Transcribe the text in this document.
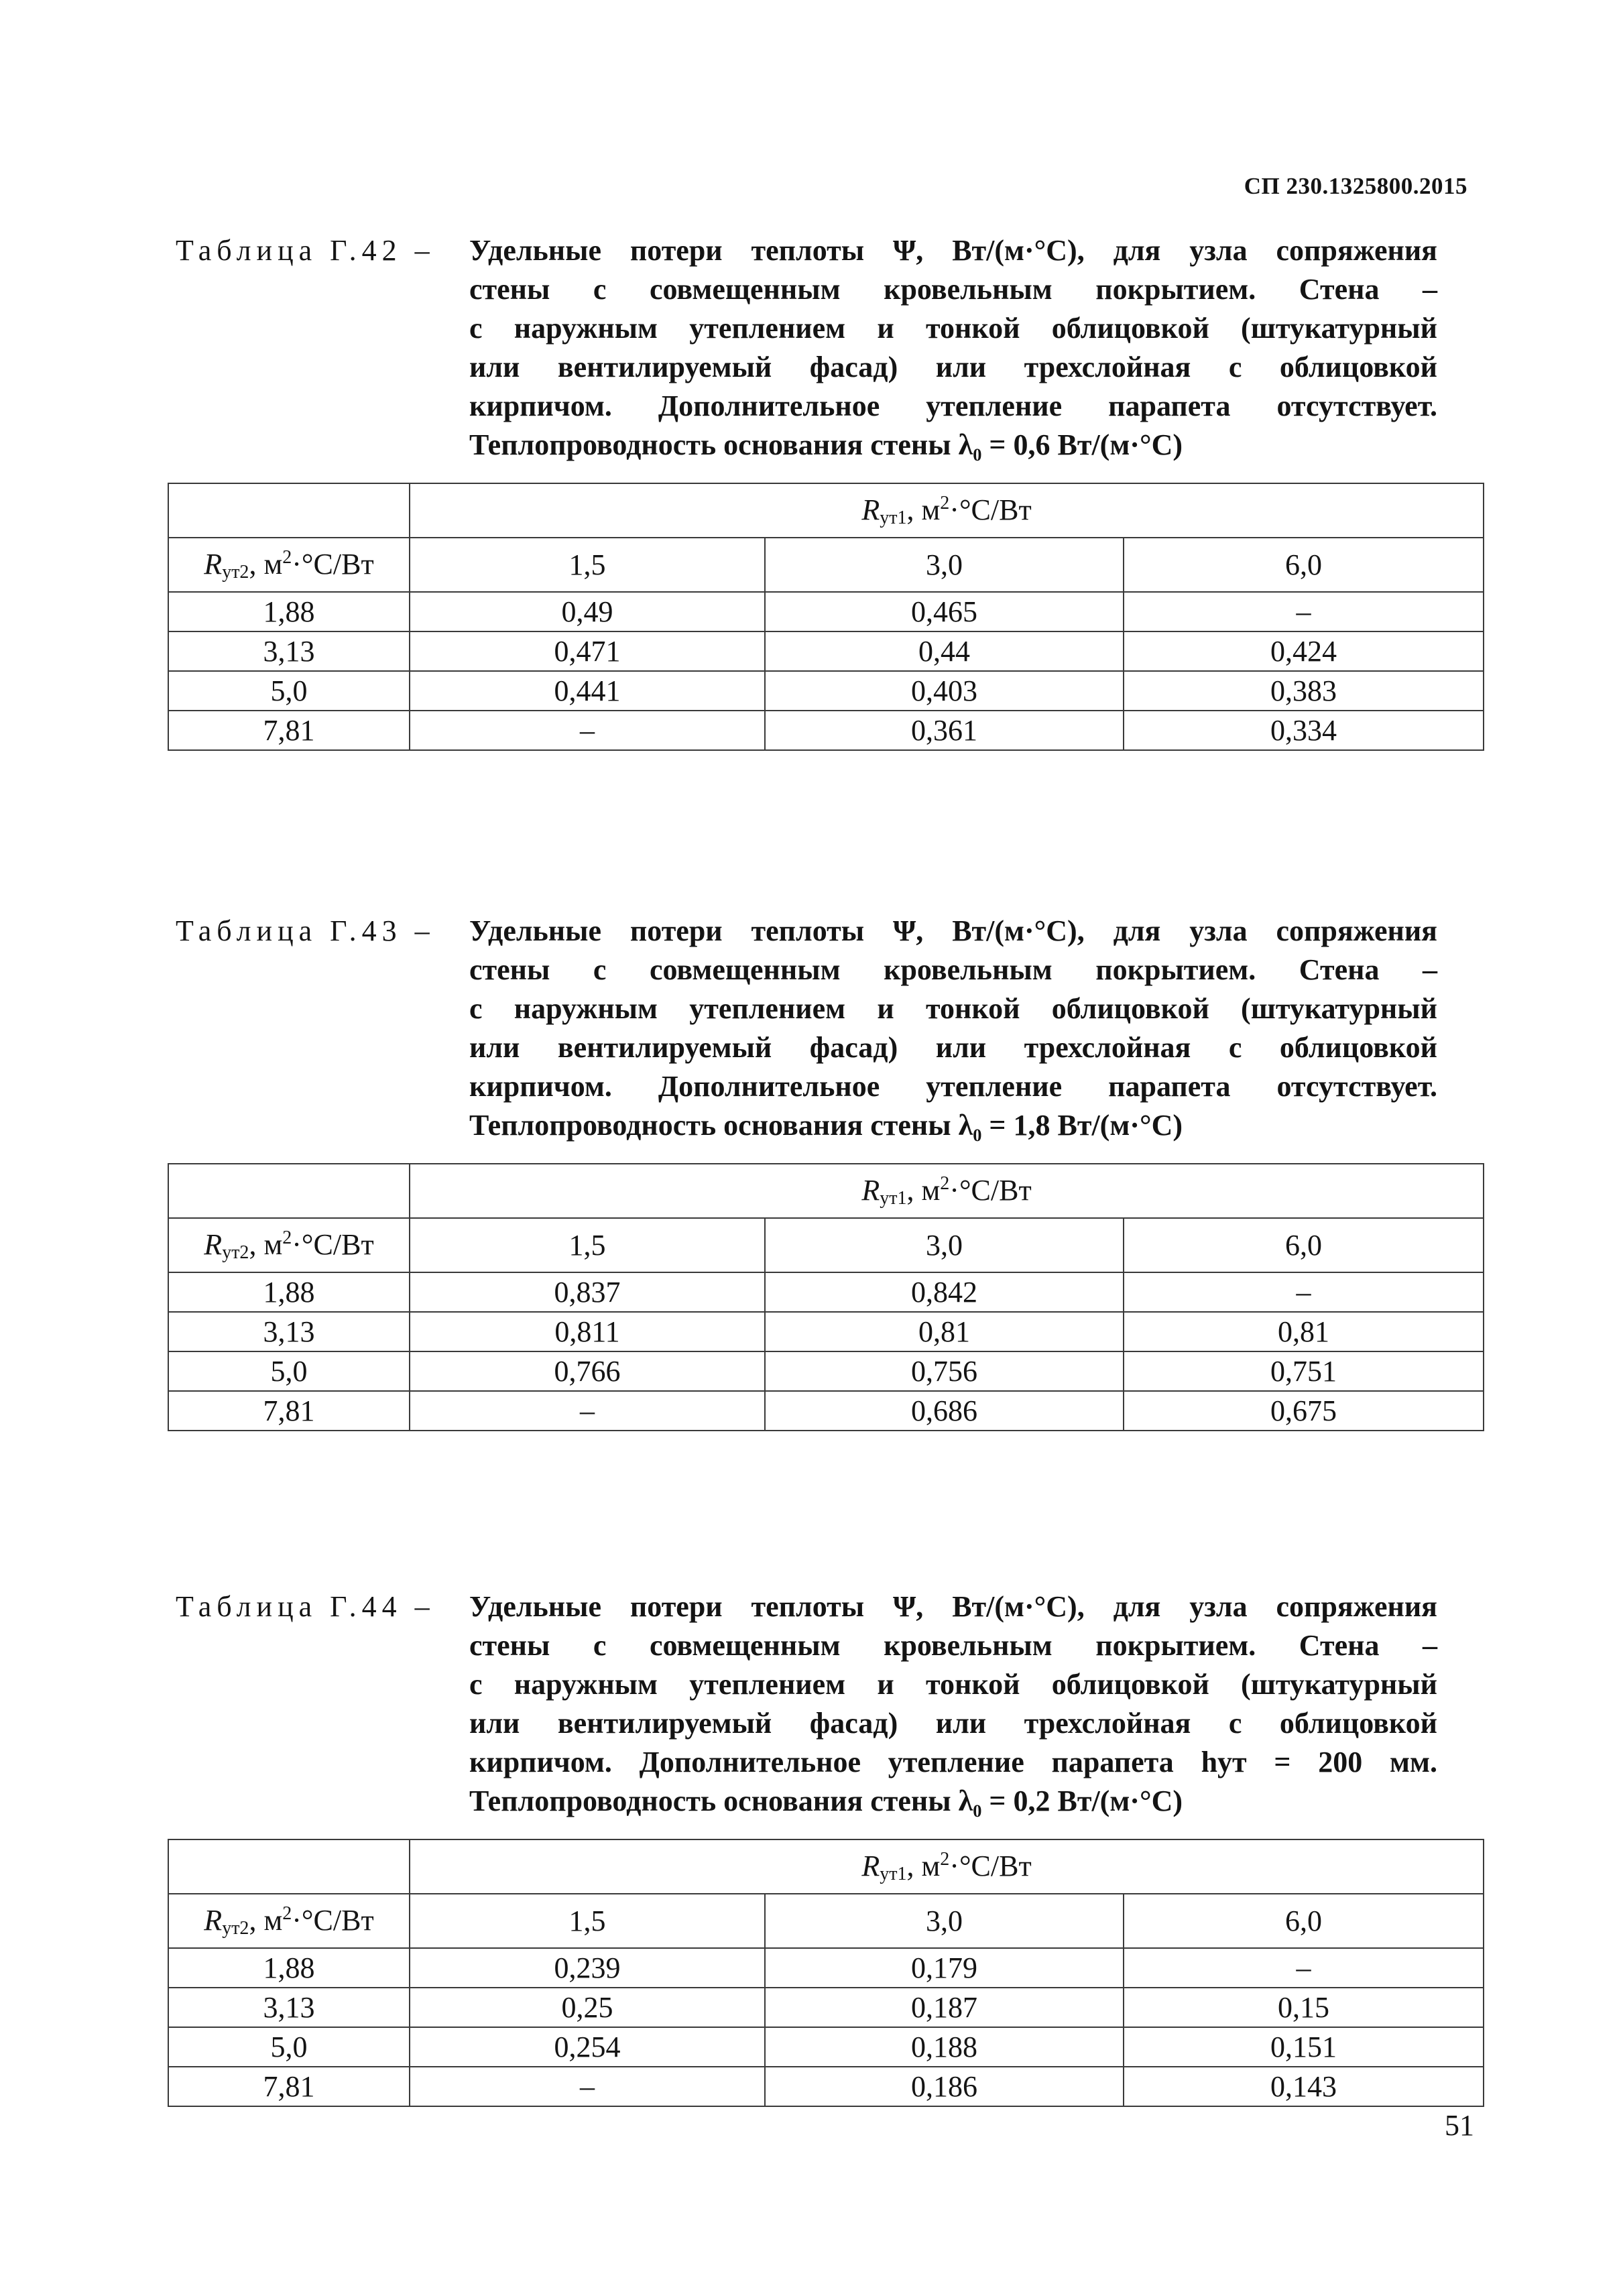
СП 230.1325800.2015
Таблица Г.42 – Удельные потери теплоты Ψ, Вт/(м·°С), для узла сопряжения

стены с совмещенным кровельным покрытием. Стена –

с наружным утеплением и тонкой облицовкой (штукатурный

или вентилируемый фасад) или трехслойная с облицовкой

кирпичом. Дополнительное утепление парапета отсутствует.

Теплопроводность основания стены λ₀ = 0,6 Вт/(м·°С)

	$R_{ут1}$, $м^2\cdot^\circ С/Вт$		
$R_{ут2}$, $м^2\cdot^\circ С/Вт$	1,5	3,0	6,0
1,88	0,49	0,465	–
3,13	0,471	0,44	0,424
5,0	0,441	0,403	0,383
7,81	–	0,361	0,334
Таблица Г.43 – Удельные потери теплоты Ψ, Вт/(м·°С), для узла сопряжения

стены с совмещенным кровельным покрытием. Стена –

с наружным утеплением и тонкой облицовкой (штукатурный

или вентилируемый фасад) или трехслойная с облицовкой

кирпичом. Дополнительное утепление парапета отсутствует.

Теплопроводность основания стены λ₀ = 1,8 Вт/(м·°С)

	$R_{ут1}$, $м^2\cdot^\circ С/Вт$		
$R_{ут2}$, $м^2\cdot^\circ С/Вт$	1,5	3,0	6,0
1,88	0,837	0,842	–
3,13	0,811	0,81	0,81
5,0	0,766	0,756	0,751
7,81	–	0,686	0,675
Таблица Г.44 – Удельные потери теплоты Ψ, Вт/(м·°С), для узла сопряжения

стены с совмещенным кровельным покрытием. Стена –

с наружным утеплением и тонкой облицовкой (штукатурный

или вентилируемый фасад) или трехслойная с облицовкой

кирпичом. Дополнительное утепление парапета hут = 200 мм.

Теплопроводность основания стены λ₀ = 0,2 Вт/(м·°С)

	$R_{ут1}$, $м^2\cdot^\circ С/Вт$		
$R_{ут2}$, $м^2\cdot^\circ С/Вт$	1,5	3,0	6,0
1,88	0,239	0,179	–
3,13	0,25	0,187	0,15
5,0	0,254	0,188	0,151
7,81	–	0,186	0,143
51
